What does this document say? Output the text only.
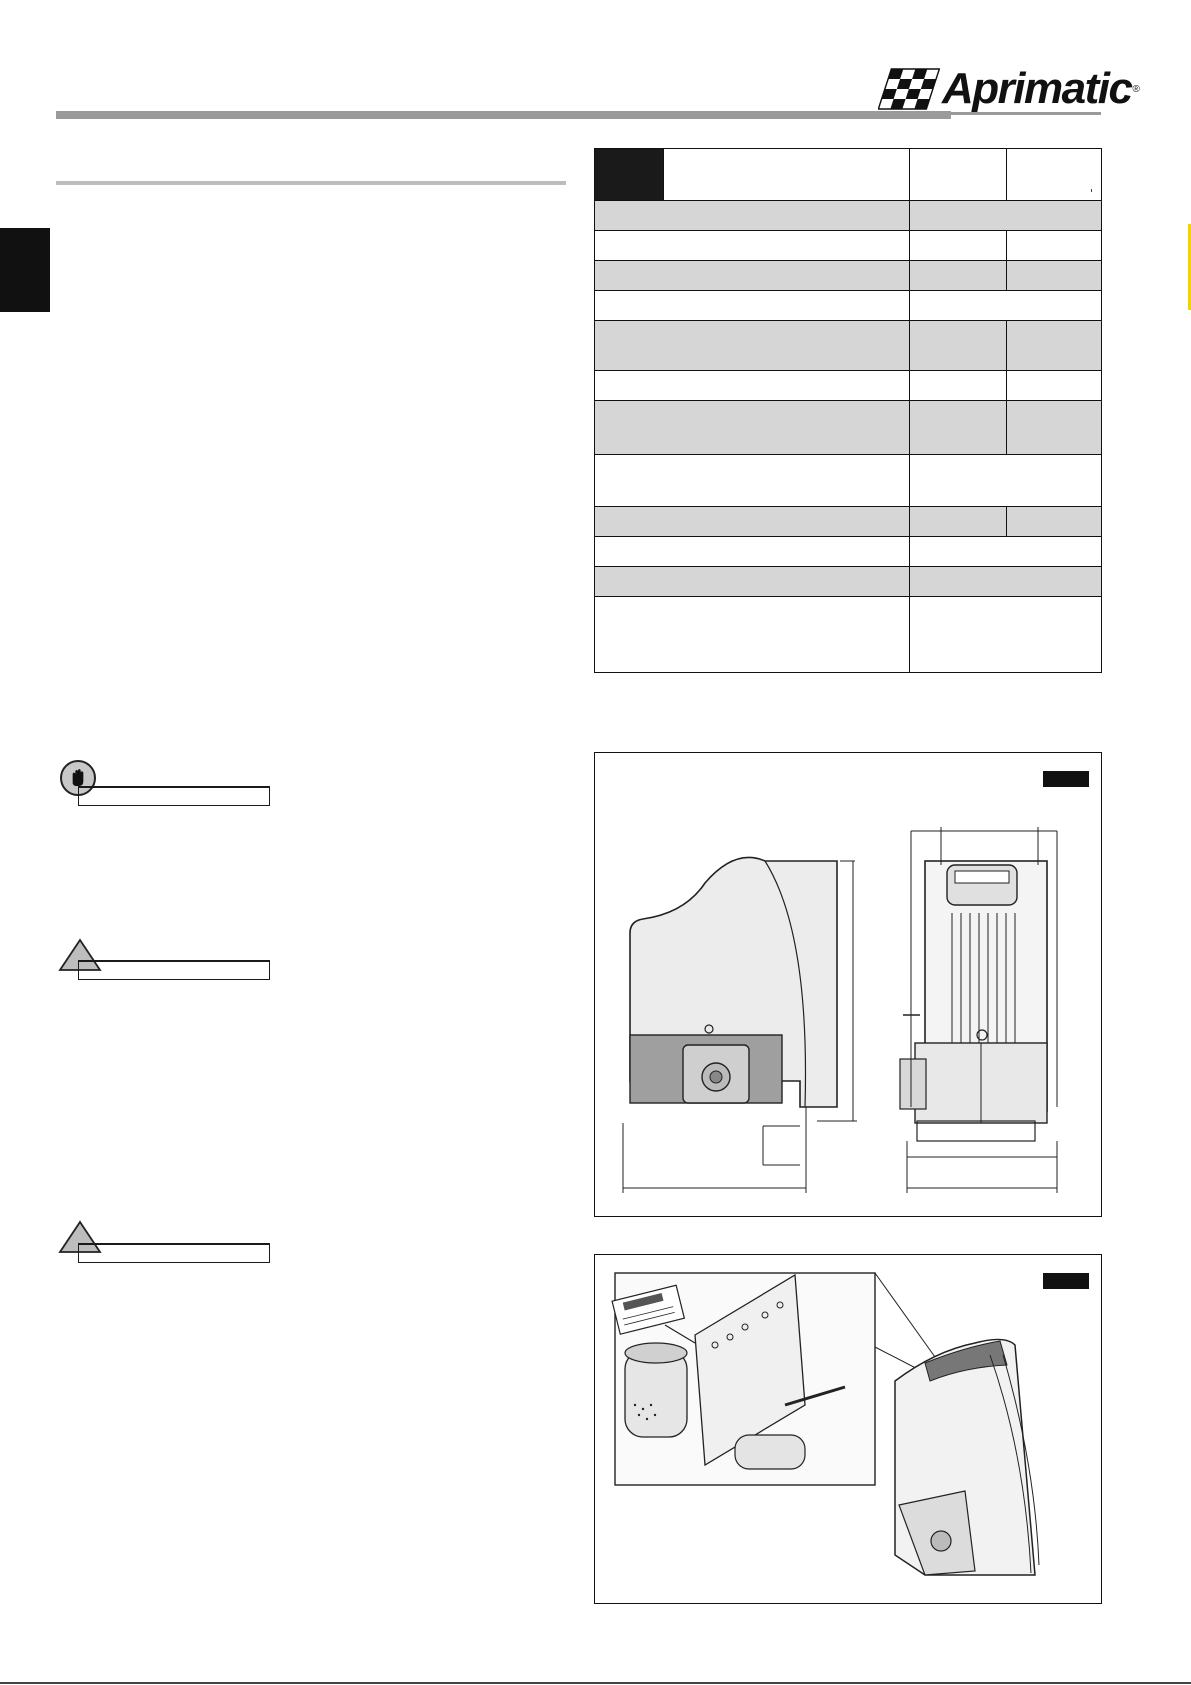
Aprimatic ®
